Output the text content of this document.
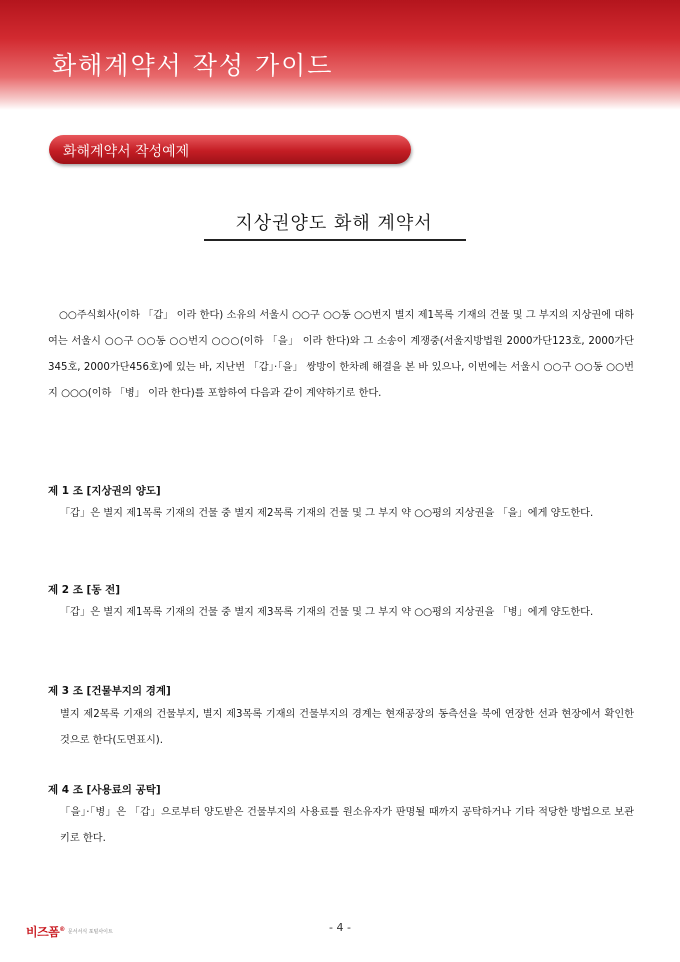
화해계약서 작성 가이드
화해계약서 작성예제
지상권양도 화해 계약서
○○주식회사(이하 「갑」 이라 한다) 소유의 서울시 ○○구 ○○동 ○○번지 별지 제1목록 기재의 건물 및 그 부지의 지상권에 대하여는 서울시 ○○구 ○○동 ○○번지 ○○○(이하 「을」 이라 한다)와 그 소송이 계쟁중(서울지방법원 2000가단123호, 2000가단345호, 2000가단456호)에 있는 바, 지난번 「갑」·「을」 쌍방이 한차례 해결을 본 바 있으나, 이번에는 서울시 ○○구 ○○동 ○○번지 ○○○(이하 「병」 이라 한다)를 포함하여 다음과 같이 계약하기로 한다.
제 1 조 [지상권의 양도]
「갑」은 별지 제1목록 기재의 건물 중 별지 제2목록 기재의 건물 및 그 부지 약 ○○평의 지상권을 「을」에게 양도한다.
제 2 조 [동 전]
「갑」은 별지 제1목록 기재의 건물 중 별지 제3목록 기재의 건물 및 그 부지 약 ○○평의 지상권을 「병」에게 양도한다.
제 3 조 [건물부지의 경계]
별지 제2목록 기재의 건물부지, 별지 제3목록 기재의 건물부지의 경계는 현재공장의 동측선을 북에 연장한 선과 현장에서 확인한 것으로 한다(도면표시).
제 4 조 [사용료의 공탁]
「을」·「병」은 「갑」으로부터 양도받은 건물부지의 사용료를 원소유자가 판명될 때까지 공탁하거나 기타 적당한 방법으로 보관키로 한다.
비즈폼® 문서서식 포털사이트	- 4 -
